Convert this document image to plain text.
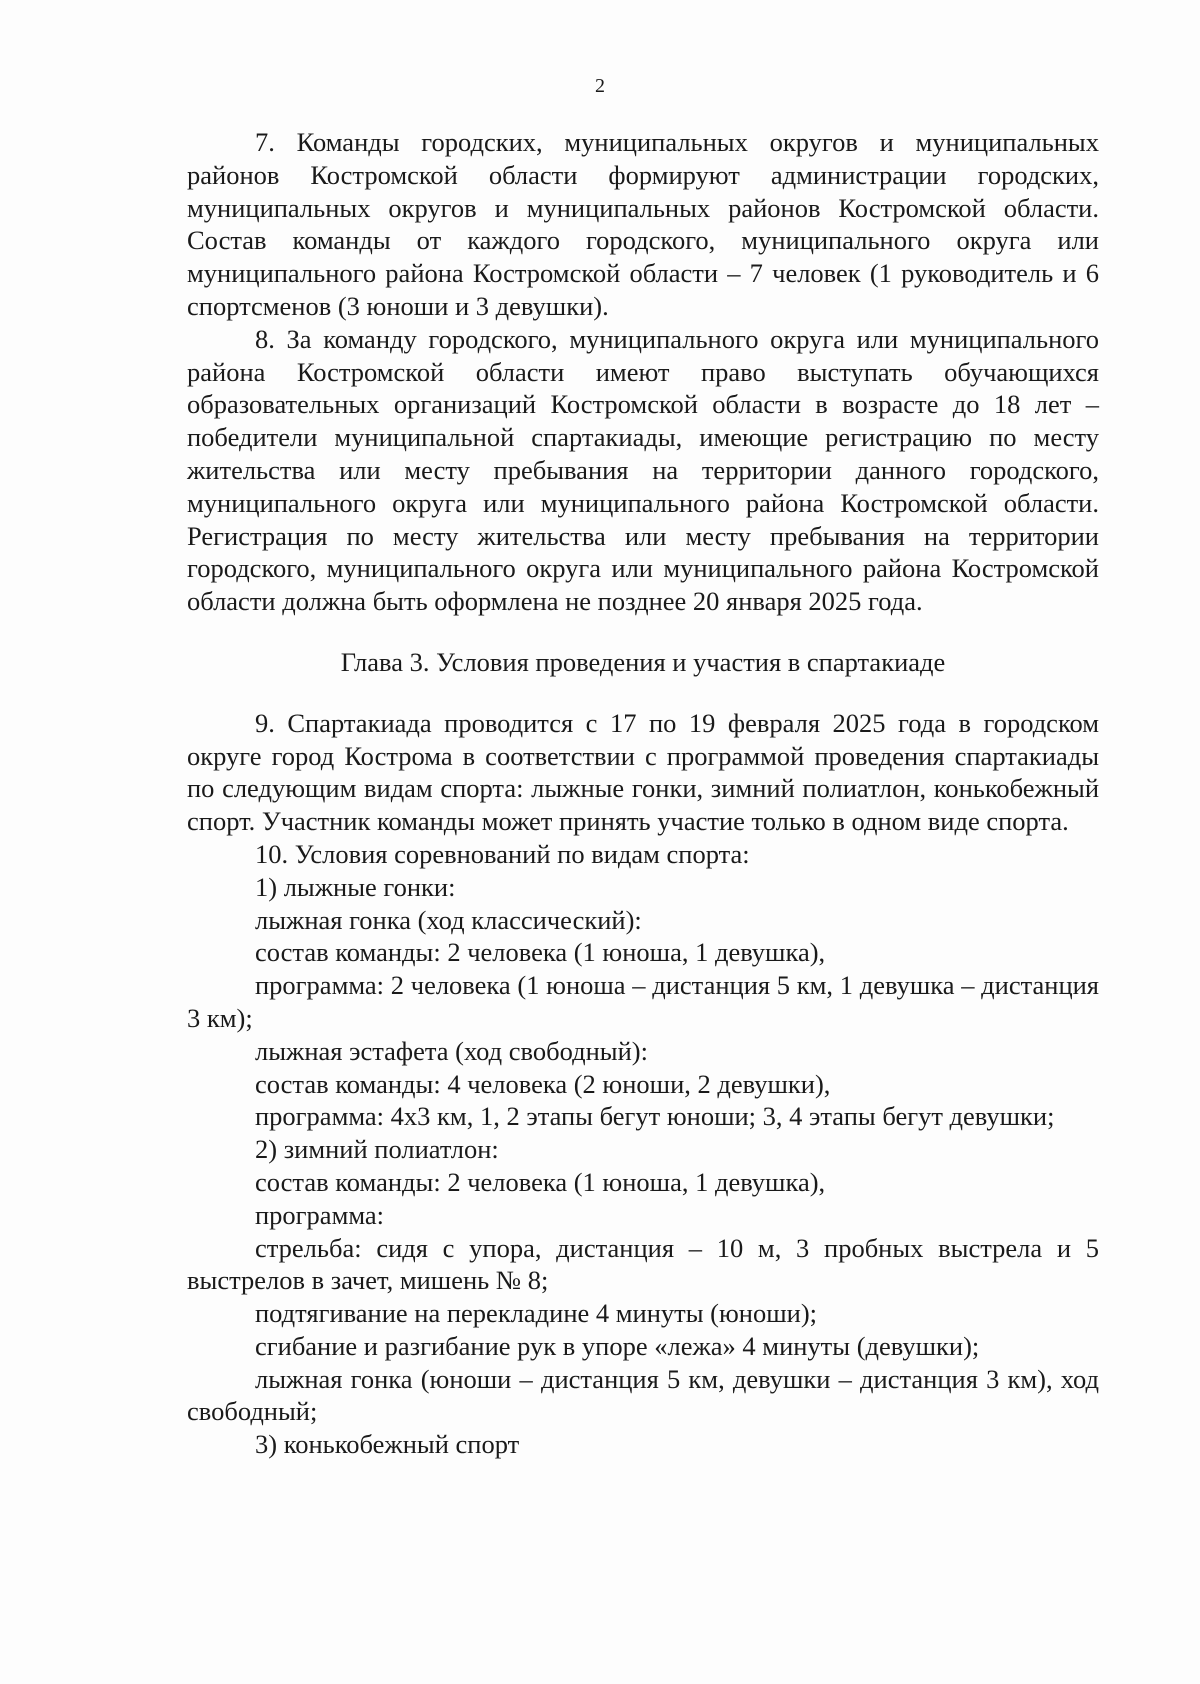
2

7. Команды городских, муниципальных округов и муниципальных районов Костромской области формируют администрации городских, муниципальных округов и муниципальных районов Костромской области. Состав команды от каждого городского, муниципального округа или муниципального района Костромской области – 7 человек (1 руководитель и 6 спортсменов (3 юноши и 3 девушки).

8. За команду городского, муниципального округа или муниципального района Костромской области имеют право выступать обучающихся образовательных организаций Костромской области в возрасте до 18 лет – победители муниципальной спартакиады, имеющие регистрацию по месту жительства или месту пребывания на территории данного городского, муниципального округа или муниципального района Костромской области. Регистрация по месту жительства или месту пребывания на территории городского, муниципального округа или муниципального района Костромской области должна быть оформлена не позднее 20 января 2025 года.

Глава 3. Условия проведения и участия в спартакиаде

9. Спартакиада проводится с 17 по 19 февраля 2025 года в городском округе город Кострома в соответствии с программой проведения спартакиады по следующим видам спорта: лыжные гонки, зимний полиатлон, конькобежный спорт. Участник команды может принять участие только в одном виде спорта.

10. Условия соревнований по видам спорта:

1) лыжные гонки:

лыжная гонка (ход классический):

состав команды: 2 человека (1 юноша, 1 девушка),

программа: 2 человека (1 юноша – дистанция 5 км, 1 девушка – дистанция 3 км);

лыжная эстафета (ход свободный):

состав команды: 4 человека (2 юноши, 2 девушки),

программа: 4х3 км, 1, 2 этапы бегут юноши; 3, 4 этапы бегут девушки;

2) зимний полиатлон:

состав команды: 2 человека (1 юноша, 1 девушка),

программа:

стрельба: сидя с упора, дистанция – 10 м, 3 пробных выстрела и 5 выстрелов в зачет, мишень № 8;

подтягивание на перекладине 4 минуты (юноши);

сгибание и разгибание рук в упоре «лежа» 4 минуты (девушки);

лыжная гонка (юноши – дистанция 5 км, девушки – дистанция 3 км), ход свободный;

3) конькобежный спорт
